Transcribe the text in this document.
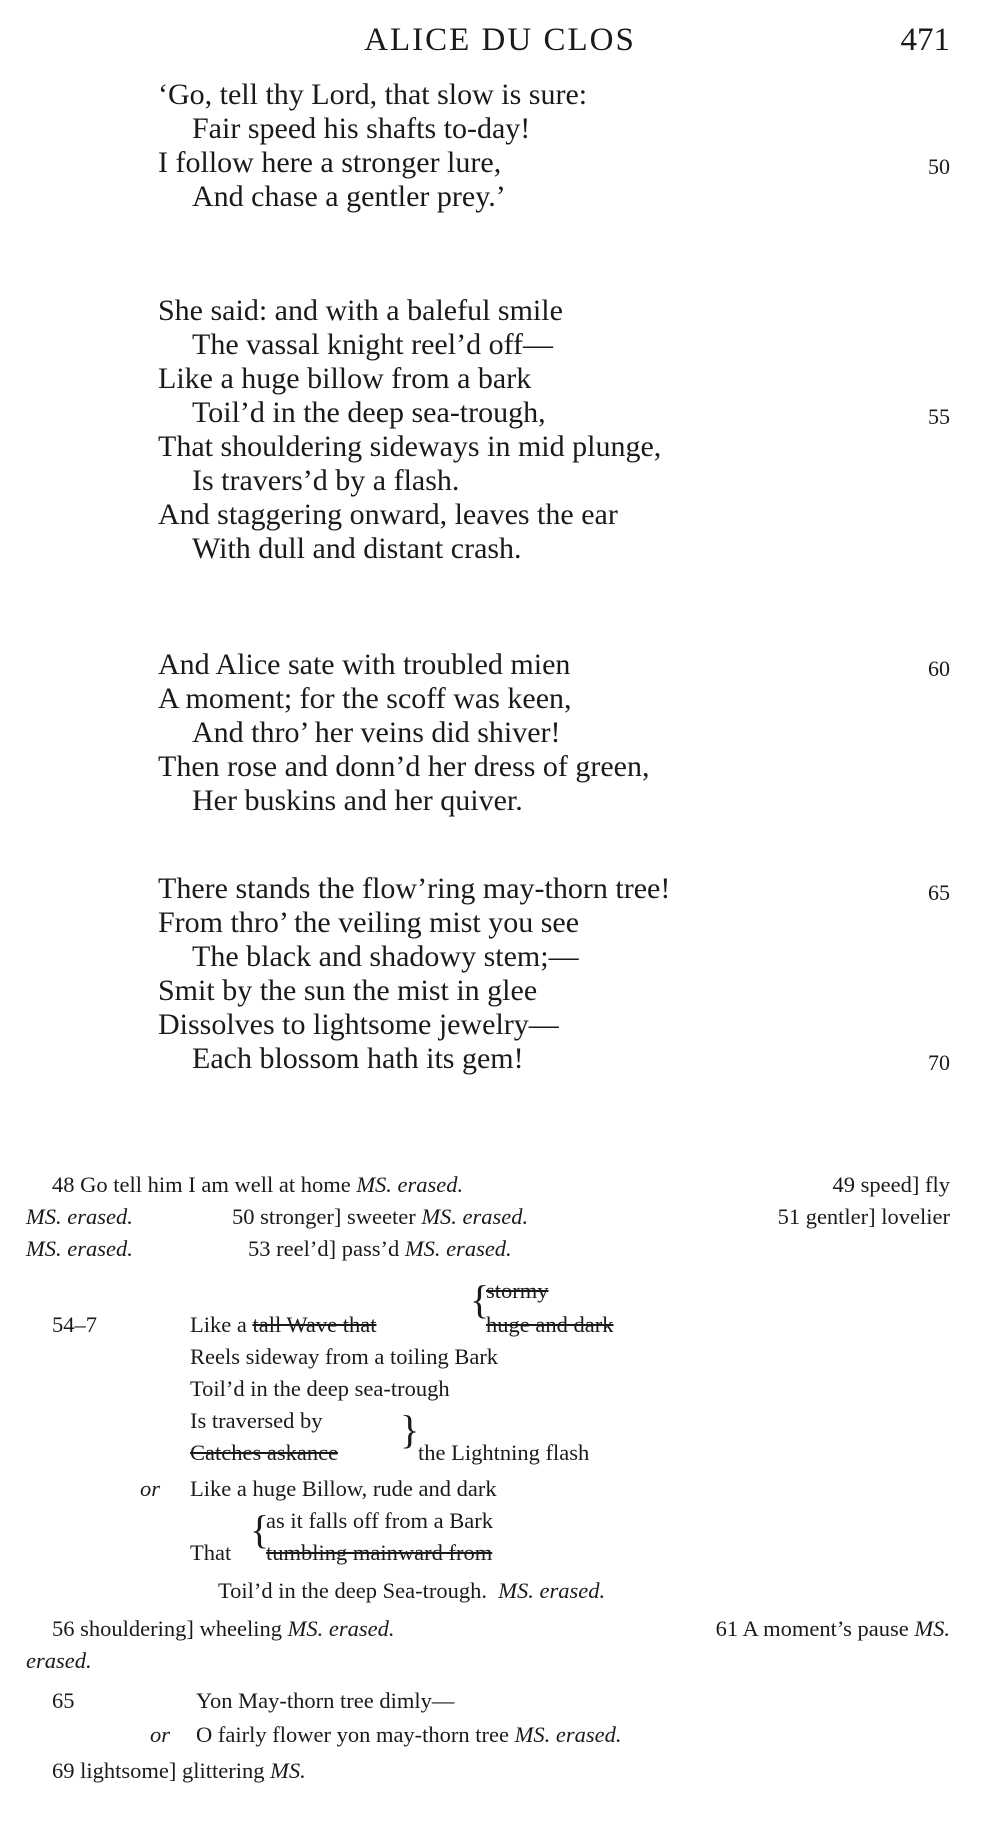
ALICE DU CLOS	471
‘Go, tell thy Lord, that slow is sure:
Fair speed his shafts to-day!
I follow here a stronger lure,	50
And chase a gentler prey.’
She said: and with a baleful smile
The vassal knight reel’d off—
Like a huge billow from a bark
Toil’d in the deep sea-trough,	55
That shouldering sideways in mid plunge,
Is travers’d by a flash.
And staggering onward, leaves the ear
With dull and distant crash.
And Alice sate with troubled mien	60
A moment; for the scoff was keen,
And thro’ her veins did shiver!
Then rose and donn’d her dress of green,
Her buskins and her quiver.
There stands the flow’ring may-thorn tree!	65
From thro’ the veiling mist you see
The black and shadowy stem;—
Smit by the sun the mist in glee
Dissolves to lightsome jewelry—
Each blossom hath its gem!	70
48 Go tell him I am well at home MS. erased.	49 speed] fly
MS. erased.	50 stronger] sweeter MS. erased.	51 gentler] lovelier
MS. erased.	53 reel’d] pass’d MS. erased.
stormy
{
54–7	Like a tall Wave that	huge and dark
Reels sideway from a toiling Bark
Toil’d in the deep sea-trough
Is traversed by }
Catches askance	the Lightning flash
or Like a huge Billow, rude and dark
as it falls off from a Bark
{
That tumbling mainward from
Toil’d in the deep Sea-trough. MS. erased.
56 shouldering] wheeling MS. erased.	61 A moment’s pause MS.
erased.
65	Yon May-thorn tree dimly—
or O fairly flower yon may-thorn tree MS. erased.
69 lightsome] glittering MS.
